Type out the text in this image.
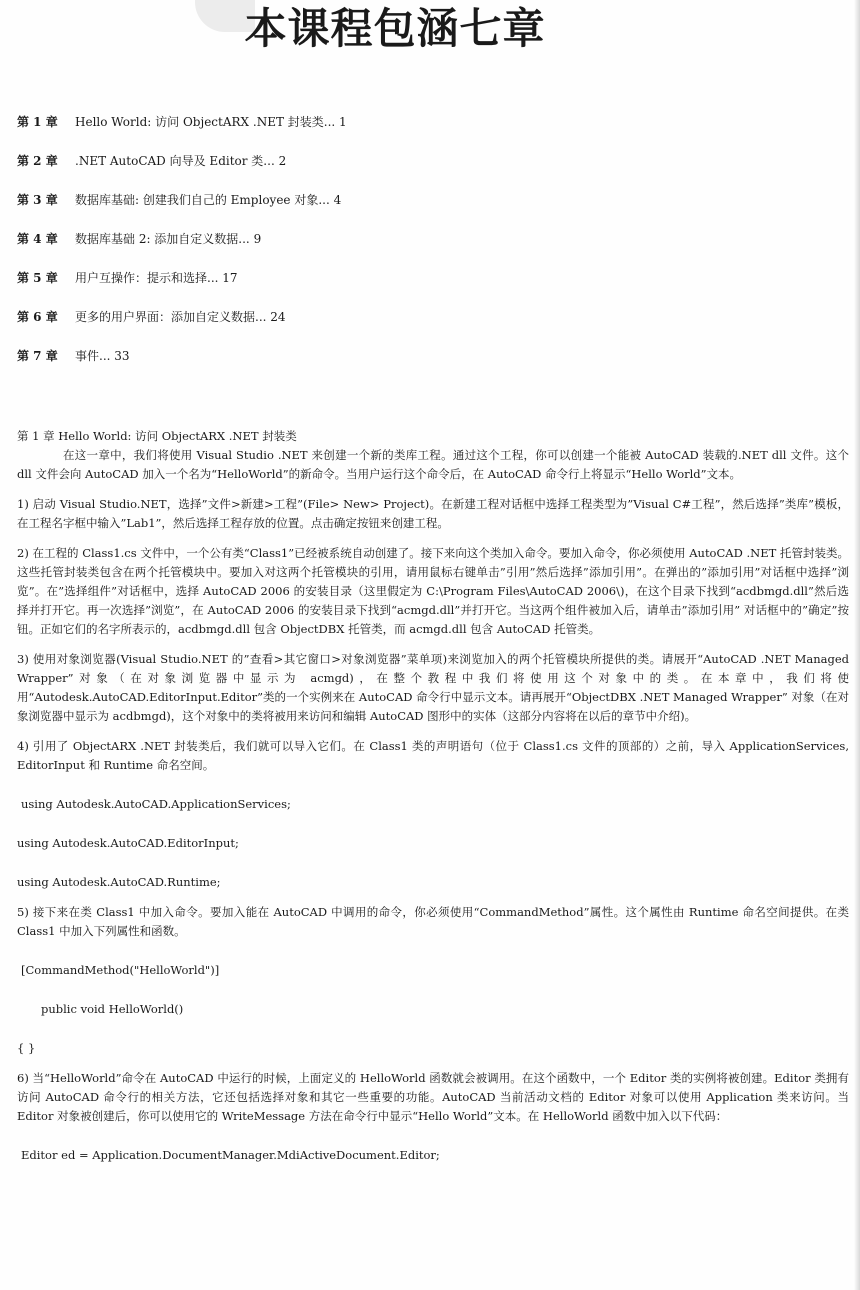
本课程包涵七章
第 1 章 Hello World: 访问 ObjectARX .NET 封装类... 1
第 2 章 .NET AutoCAD 向导及 Editor 类... 2
第 3 章 数据库基础: 创建我们自己的 Employee 对象... 4
第 4 章 数据库基础 2: 添加自定义数据... 9
第 5 章 用户互操作：提示和选择... 17
第 6 章 更多的用户界面：添加自定义数据... 24
第 7 章 事件... 33

第 1 章 Hello World: 访问 ObjectARX .NET 封装类

在这一章中，我们将使用 Visual Studio .NET 来创建一个新的类库工程。通过这个工程，你可以创建一个能被 AutoCAD 装载的.NET dll 文件。这个 dll 文件会向 AutoCAD 加入一个名为“HelloWorld”的新命令。当用户运行这个命令后，在 AutoCAD 命令行上将显示“Hello World”文本。

1) 启动 Visual Studio.NET，选择”文件>新建>工程”(File> New> Project)。在新建工程对话框中选择工程类型为”Visual C#工程”，然后选择”类库”模板，在工程名字框中输入”Lab1”，然后选择工程存放的位置。点击确定按钮来创建工程。

2) 在工程的 Class1.cs 文件中，一个公有类“Class1”已经被系统自动创建了。接下来向这个类加入命令。要加入命令，你必须使用 AutoCAD .NET 托管封装类。这些托管封装类包含在两个托管模块中。要加入对这两个托管模块的引用，请用鼠标右键单击”引用”然后选择”添加引用”。在弹出的”添加引用”对话框中选择”浏览”。在”选择组件”对话框中，选择 AutoCAD 2006 的安装目录（这里假定为 C:\Program Files\AutoCAD 2006\)，在这个目录下找到“acdbmgd.dll”然后选择并打开它。再一次选择”浏览”，在 AutoCAD 2006 的安装目录下找到“acmgd.dll”并打开它。当这两个组件被加入后，请单击”添加引用” 对话框中的”确定”按钮。正如它们的名字所表示的，acdbmgd.dll 包含 ObjectDBX 托管类，而 acmgd.dll 包含 AutoCAD 托管类。

3) 使用对象浏览器(Visual Studio.NET 的”查看>其它窗口>对象浏览器”菜单项)来浏览加入的两个托管模块所提供的类。请展开“AutoCAD .NET Managed Wrapper”对象（在对象浏览器中显示为 acmgd)，在整个教程中我们将使用这个对象中的类。在本章中，我们将使用“Autodesk.AutoCAD.EditorInput.Editor”类的一个实例来在 AutoCAD 命令行中显示文本。请再展开“ObjectDBX .NET Managed Wrapper” 对象（在对象浏览器中显示为 acdbmgd)，这个对象中的类将被用来访问和编辑 AutoCAD 图形中的实体（这部分内容将在以后的章节中介绍)。

4) 引用了 ObjectARX .NET 封装类后，我们就可以导入它们。在 Class1 类的声明语句（位于 Class1.cs 文件的顶部的）之前，导入 ApplicationServices, EditorInput 和 Runtime 命名空间。

using Autodesk.AutoCAD.ApplicationServices;

using Autodesk.AutoCAD.EditorInput;

using Autodesk.AutoCAD.Runtime;

5) 接下来在类 Class1 中加入命令。要加入能在 AutoCAD 中调用的命令，你必须使用“CommandMethod”属性。这个属性由 Runtime 命名空间提供。在类 Class1 中加入下列属性和函数。

[CommandMethod("HelloWorld")]

public void HelloWorld()

{ }

6) 当“HelloWorld”命令在 AutoCAD 中运行的时候，上面定义的 HelloWorld 函数就会被调用。在这个函数中，一个 Editor 类的实例将被创建。Editor 类拥有访问 AutoCAD 命令行的相关方法，它还包括选择对象和其它一些重要的功能。AutoCAD 当前活动文档的 Editor 对象可以使用 Application 类来访问。当 Editor 对象被创建后，你可以使用它的 WriteMessage 方法在命令行中显示“Hello World”文本。在 HelloWorld 函数中加入以下代码：

Editor ed = Application.DocumentManager.MdiActiveDocument.Editor;
